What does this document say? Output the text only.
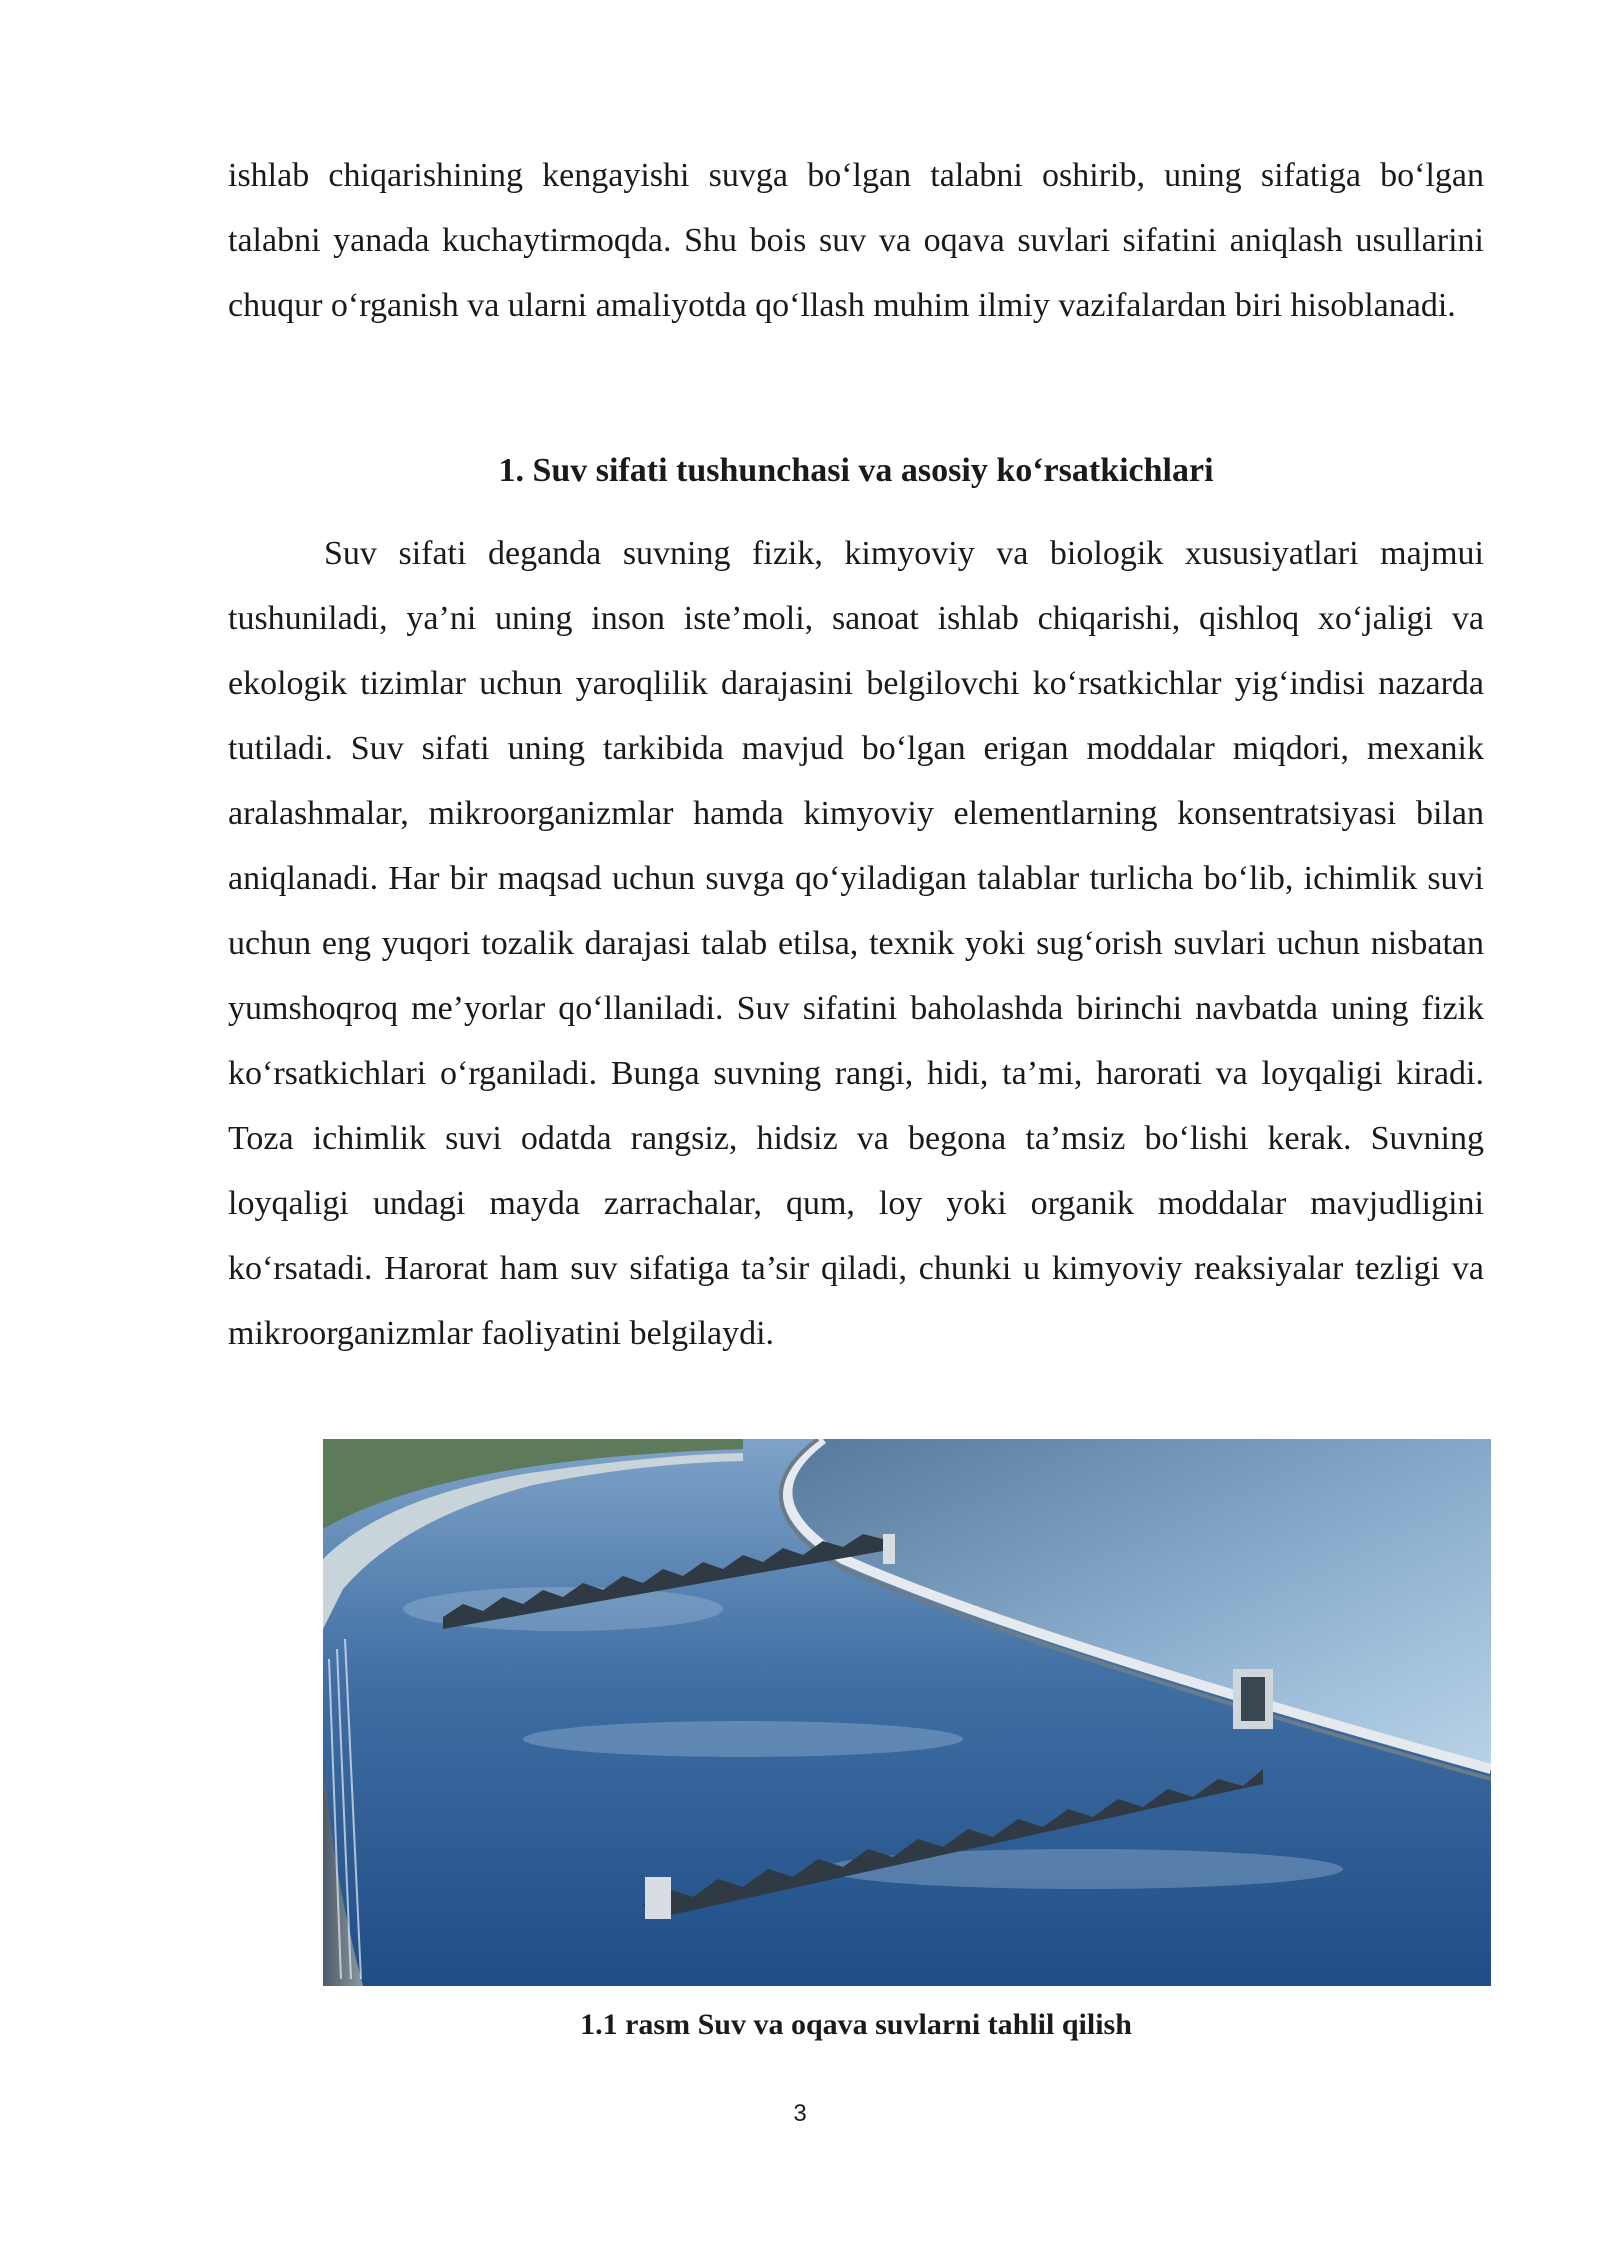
ishlab chiqarishining kengayishi suvga bo‘lgan talabni oshirib, uning sifatiga bo‘lgan talabni yanada kuchaytirmoqda. Shu bois suv va oqava suvlari sifatini aniqlash usullarini chuqur o‘rganish va ularni amaliyotda qo‘llash muhim ilmiy vazifalardan biri hisoblanadi.

1. Suv sifati tushunchasi va asosiy ko‘rsatkichlari

Suv sifati deganda suvning fizik, kimyoviy va biologik xususiyatlari majmui tushuniladi, ya’ni uning inson iste’moli, sanoat ishlab chiqarishi, qishloq xo‘jaligi va ekologik tizimlar uchun yaroqlilik darajasini belgilovchi ko‘rsatkichlar yig‘indisi nazarda tutiladi. Suv sifati uning tarkibida mavjud bo‘lgan erigan moddalar miqdori, mexanik aralashmalar, mikroorganizmlar hamda kimyoviy elementlarning konsentratsiyasi bilan aniqlanadi. Har bir maqsad uchun suvga qo‘yiladigan talablar turlicha bo‘lib, ichimlik suvi uchun eng yuqori tozalik darajasi talab etilsa, texnik yoki sug‘orish suvlari uchun nisbatan yumshoqroq me’yorlar qo‘llaniladi. Suv sifatini baholashda birinchi navbatda uning fizik ko‘rsatkichlari o‘rganiladi. Bunga suvning rangi, hidi, ta’mi, harorati va loyqaligi kiradi. Toza ichimlik suvi odatda rangsiz, hidsiz va begona ta’msiz bo‘lishi kerak. Suvning loyqaligi undagi mayda zarrachalar, qum, loy yoki organik moddalar mavjudligini ko‘rsatadi. Harorat ham suv sifatiga ta’sir qiladi, chunki u kimyoviy reaksiyalar tezligi va mikroorganizmlar faoliyatini belgilaydi.

1.1 rasm Suv va oqava suvlarni tahlil qilish
3
